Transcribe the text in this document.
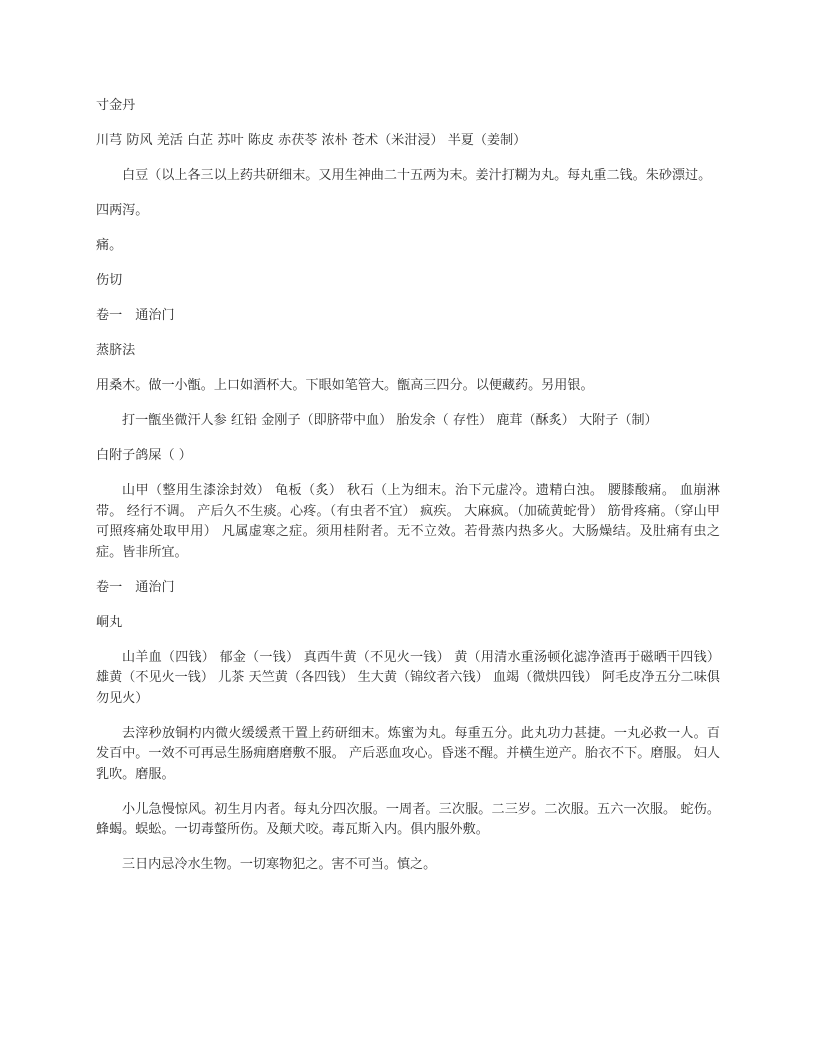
寸金丹

川芎 防风 羌活 白芷 苏叶 陈皮 赤茯苓 浓朴 苍术（米泔浸） 半夏（姜制）

白豆（以上各三以上药共研细末。又用生神曲二十五两为末。姜汁打糊为丸。每丸重二钱。朱砂漂过。

四两泻。

痛。

伤切

卷一　通治门

蒸脐法

用桑木。做一小甑。上口如酒杯大。下眼如笔管大。甑高三四分。以便藏药。另用银。

打一甑坐微汗人参 红铅 金刚子（即脐带中血） 胎发余（ 存性） 鹿茸（酥炙） 大附子（制）

白附子鸽屎（ ）

山甲（整用生漆涂封效） 龟板（炙） 秋石（上为细末。治下元虚冷。遗精白浊。 腰膝酸痛。 血崩淋带。 经行不调。 产后久不生痰。心疼。（有虫者不宜） 疯疾。 大麻疯。（加硫黄蛇骨） 筋骨疼痛。（穿山甲可照疼痛处取甲用） 凡属虚寒之症。须用桂附者。无不立效。若骨蒸内热多火。大肠燥结。及肚痛有虫之症。皆非所宜。

卷一　通治门

峒丸

山羊血（四钱） 郁金（一钱） 真西牛黄（不见火一钱） 黄（用清水重汤顿化滤净渣再于磁晒干四钱） 雄黄（不见火一钱） 儿茶 天竺黄（各四钱） 生大黄（锦纹者六钱） 血竭（微烘四钱） 阿毛皮净五分二味俱勿见火）

去滓秒放铜杓内微火缓缓煮干置上药研细末。炼蜜为丸。每重五分。此丸功力甚捷。一丸必救一人。百发百中。一效不可再忌生肠痈磨磨敷不服。 产后恶血攻心。昏迷不醒。并横生逆产。胎衣不下。磨服。 妇人乳吹。磨服。

小儿急慢惊风。初生月内者。每丸分四次服。一周者。三次服。二三岁。二次服。五六一次服。 蛇伤。蜂蝎。蜈蚣。一切毒螫所伤。及颠犬咬。毒瓦斯入内。俱内服外敷。

三日内忌冷水生物。一切寒物犯之。害不可当。慎之。
